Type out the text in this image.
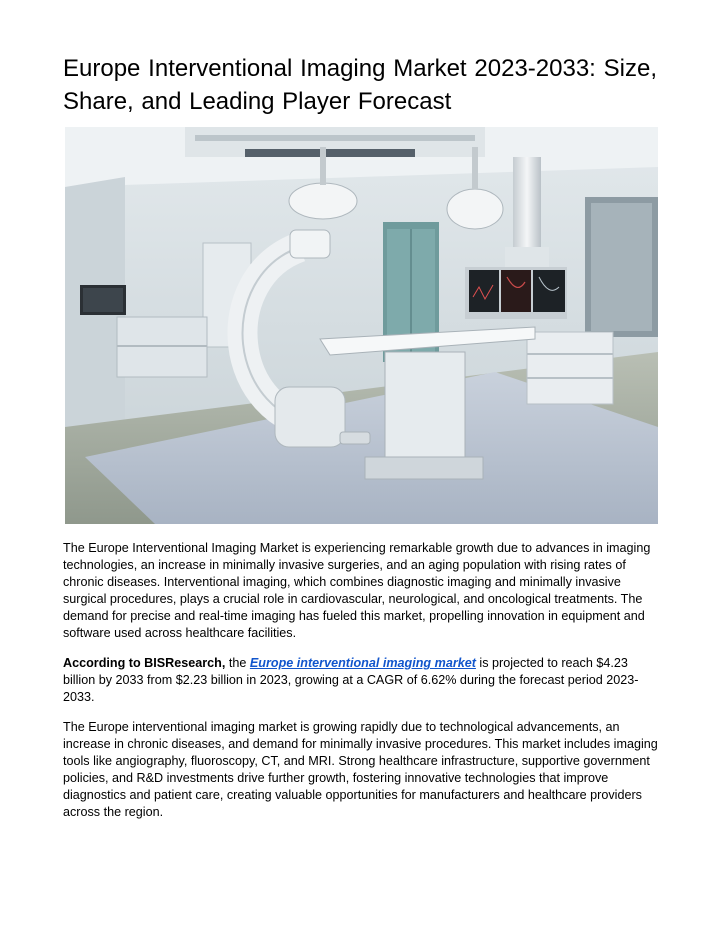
Europe Interventional Imaging Market 2023-2033: Size, Share, and Leading Player Forecast

The Europe Interventional Imaging Market is experiencing remarkable growth due to advances in imaging technologies, an increase in minimally invasive surgeries, and an aging population with rising rates of chronic diseases. Interventional imaging, which combines diagnostic imaging and minimally invasive surgical procedures, plays a crucial role in cardiovascular, neurological, and oncological treatments. The demand for precise and real-time imaging has fueled this market, propelling innovation in equipment and software used across healthcare facilities.

According to BISResearch, the Europe interventional imaging market is projected to reach $4.23 billion by 2033 from $2.23 billion in 2023, growing at a CAGR of 6.62% during the forecast period 2023-2033.

The Europe interventional imaging market is growing rapidly due to technological advancements, an increase in chronic diseases, and demand for minimally invasive procedures. This market includes imaging tools like angiography, fluoroscopy, CT, and MRI. Strong healthcare infrastructure, supportive government policies, and R&D investments drive further growth, fostering innovative technologies that improve diagnostics and patient care, creating valuable opportunities for manufacturers and healthcare providers across the region.
